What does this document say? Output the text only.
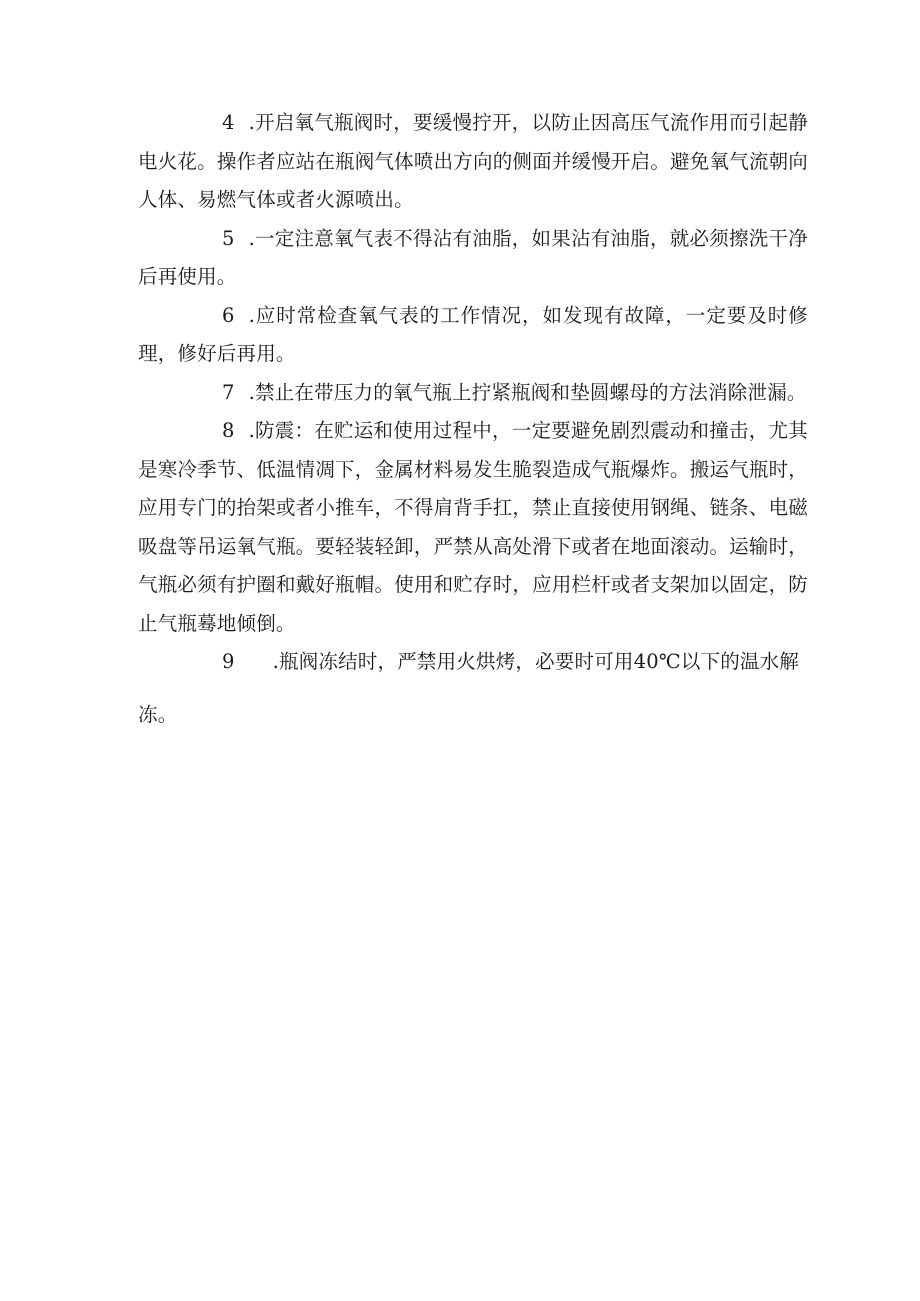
4 .开启氧气瓶阀时，要缓慢拧开，以防止因高压气流作用而引起静电火花。操作者应站在瓶阀气体喷出方向的侧面并缓慢开启。避免氧气流朝向人体、易燃气体或者火源喷出。

5 .一定注意氧气表不得沾有油脂，如果沾有油脂，就必须擦洗干净后再使用。

6 .应时常检查氧气表的工作情况，如发现有故障，一定要及时修理，修好后再用。

7 .禁止在带压力的氧气瓶上拧紧瓶阀和垫圆螺母的方法消除泄漏。

8 .防震：在贮运和使用过程中，一定要避免剧烈震动和撞击，尤其是寒冷季节、低温情凋下，金属材料易发生脆裂造成气瓶爆炸。搬运气瓶时，应用专门的抬架或者小推车，不得肩背手扛，禁止直接使用钢绳、链条、电磁吸盘等吊运氧气瓶。要轻装轻卸，严禁从高处滑下或者在地面滚动。运输时，气瓶必须有护圈和戴好瓶帽。使用和贮存时，应用栏杆或者支架加以固定，防止气瓶蓦地倾倒。

9 .瓶阀冻结时，严禁用火烘烤，必要时可用40℃以下的温水解
冻。
